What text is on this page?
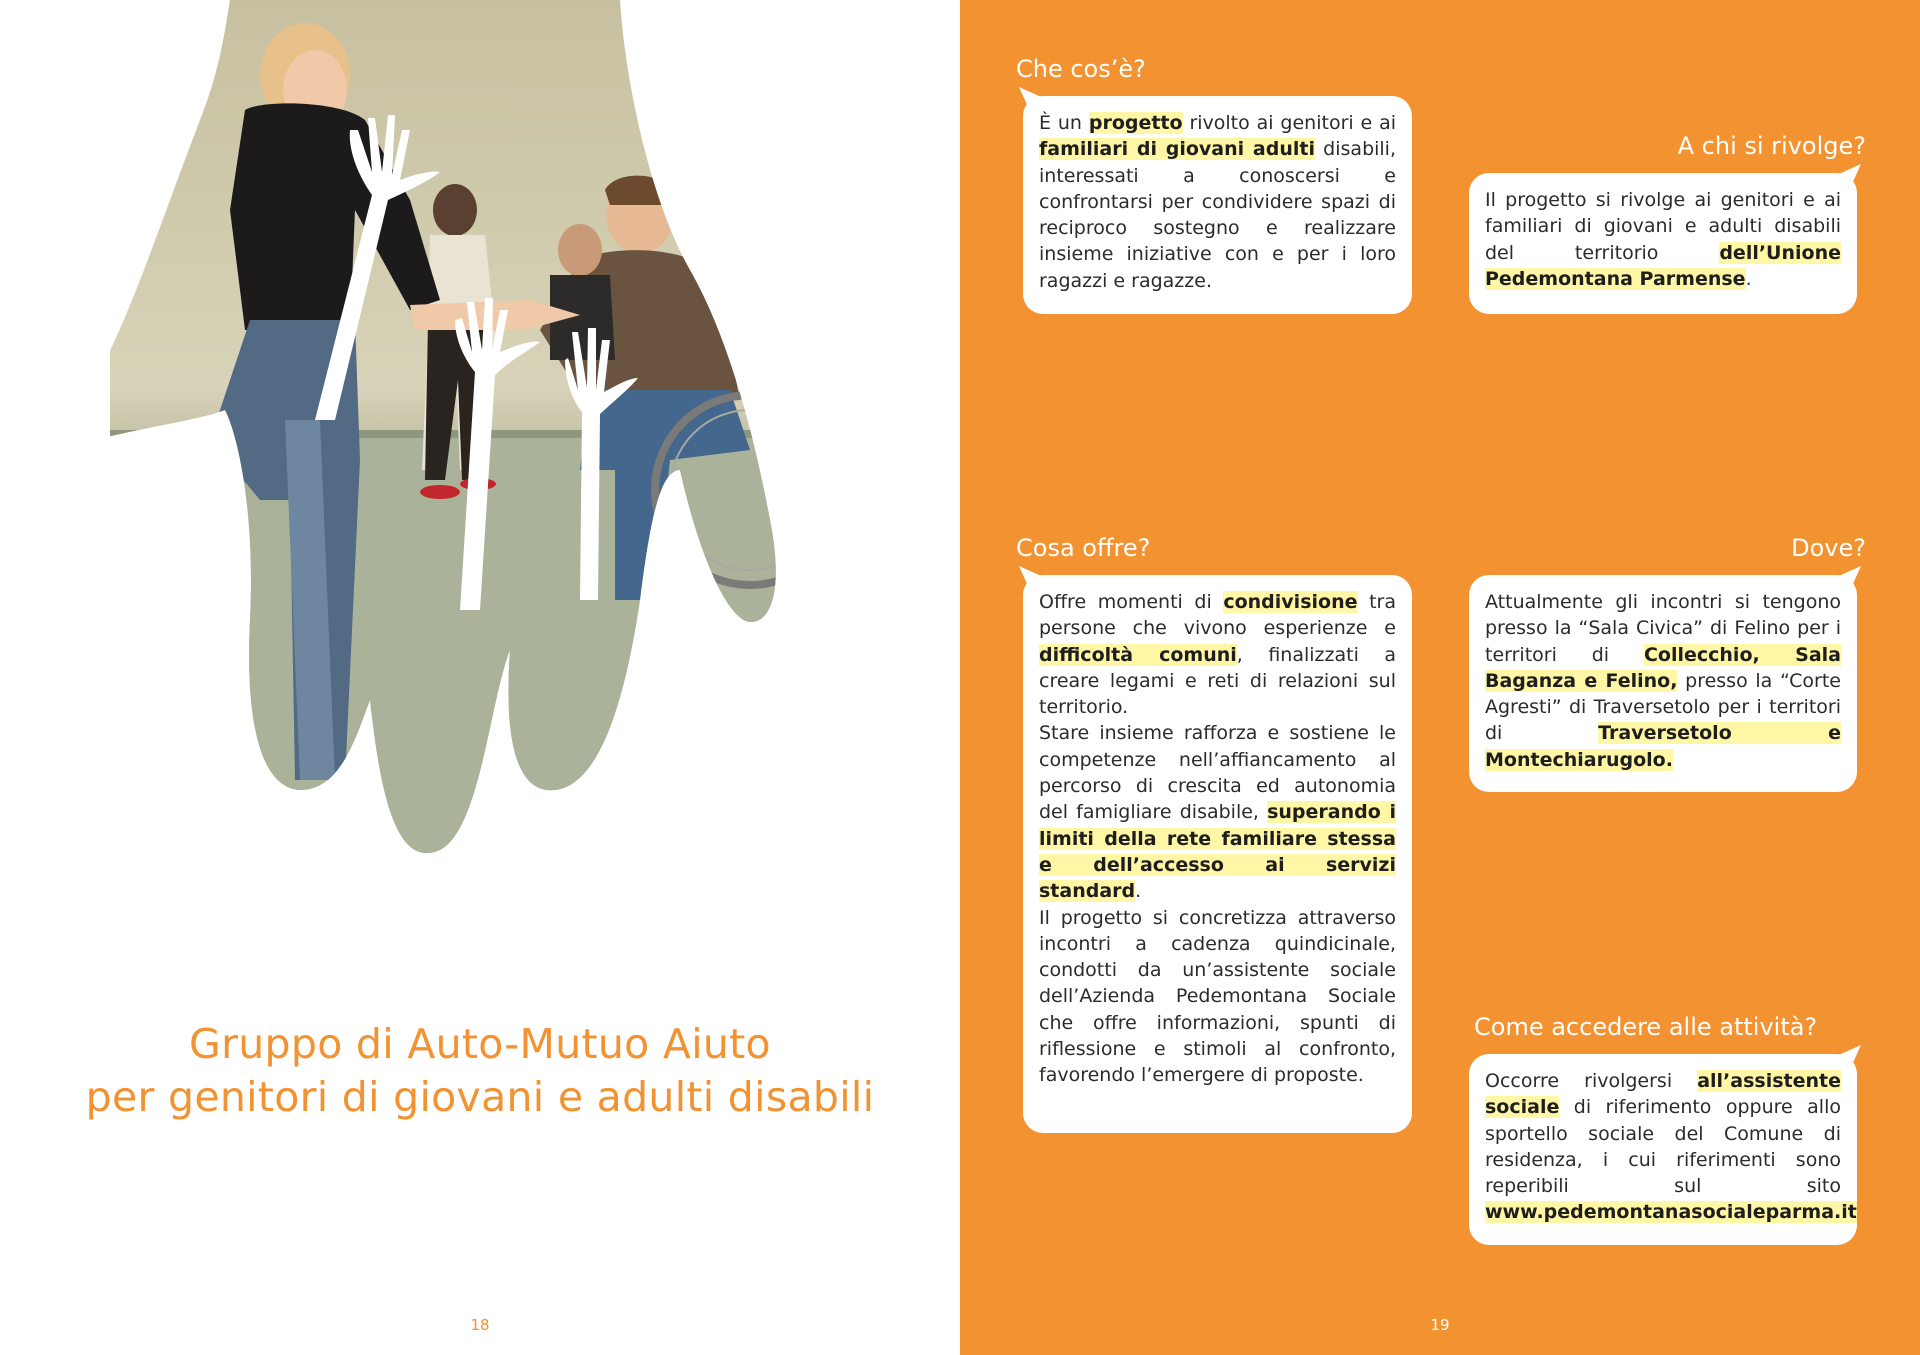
Gruppo di Auto-Mutuo Aiuto
per genitori di giovani e adulti disabili
18
Che cos’è?

È un progetto rivolto ai genitori e ai familiari di giovani adulti disabili, interessati a conoscersi e confrontarsi per condividere spazi di reciproco sostegno e realizzare insieme iniziative con e per i loro ragazzi e ragazze.

A chi si rivolge?

Il progetto si rivolge ai genitori e ai familiari di giovani e adulti disabili del territorio dell’Unione Pedemontana Parmense.

Cosa offre?

Offre momenti di condivisione tra persone che vivono esperienze e difficoltà comuni, finalizzati a creare legami e reti di relazioni sul territorio.

Stare insieme rafforza e sostiene le competenze nell’affiancamento al percorso di crescita ed autonomia del famigliare disabile, superando i limiti della rete familiare stessa e dell’accesso ai servizi standard.

Il progetto si concretizza attraverso incontri a cadenza quindicinale, condotti da un’assistente sociale dell’Azienda Pedemontana Sociale che offre informazioni, spunti di riflessione e stimoli al confronto, favorendo l’emergere di proposte.

Dove?

Attualmente gli incontri si tengono presso la “Sala Civica” di Felino per i territori di Collecchio, Sala Baganza e Felino, presso la “Corte Agresti” di Traversetolo per i territori di Traversetolo e Montechiarugolo.

Come accedere alle attività?

Occorre rivolgersi all’assistente sociale di riferimento oppure allo sportello sociale del Comune di residenza, i cui riferimenti sono reperibili sul sito www.pedemontanasocialeparma.it

19
